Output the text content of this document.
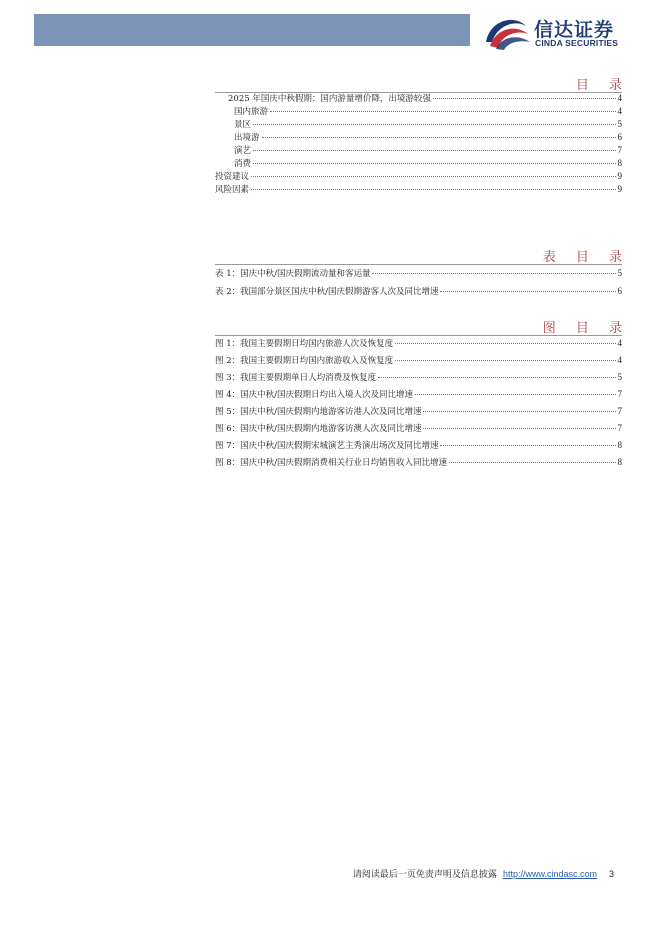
信达证券
CINDA SECURITIES
目 录
2025 年国庆中秋假期：国内游量增价降，出境游较强	4
国内旅游	4
景区	5
出境游	6
演艺	7
消费	8
投资建议	9
风险因素	9
表 目 录
表 1：国庆中秋/国庆假期流动量和客运量	5
表 2：我国部分景区国庆中秋/国庆假期游客人次及同比增速	6
图 目 录
图 1：我国主要假期日均国内旅游人次及恢复度	4
图 2：我国主要假期日均国内旅游收入及恢复度	4
图 3：我国主要假期单日人均消费及恢复度	5
图 4：国庆中秋/国庆假期日均出入境人次及同比增速	7
图 5：国庆中秋/国庆假期内地游客访港人次及同比增速	7
图 6：国庆中秋/国庆假期内地游客访澳人次及同比增速	7
图 7：国庆中秋/国庆假期宋城演艺主秀演出场次及同比增速	8
图 8：国庆中秋/国庆假期消费相关行业日均销售收入同比增速	8
请阅读最后一页免责声明及信息披露 http://www.cindasc.com 3
